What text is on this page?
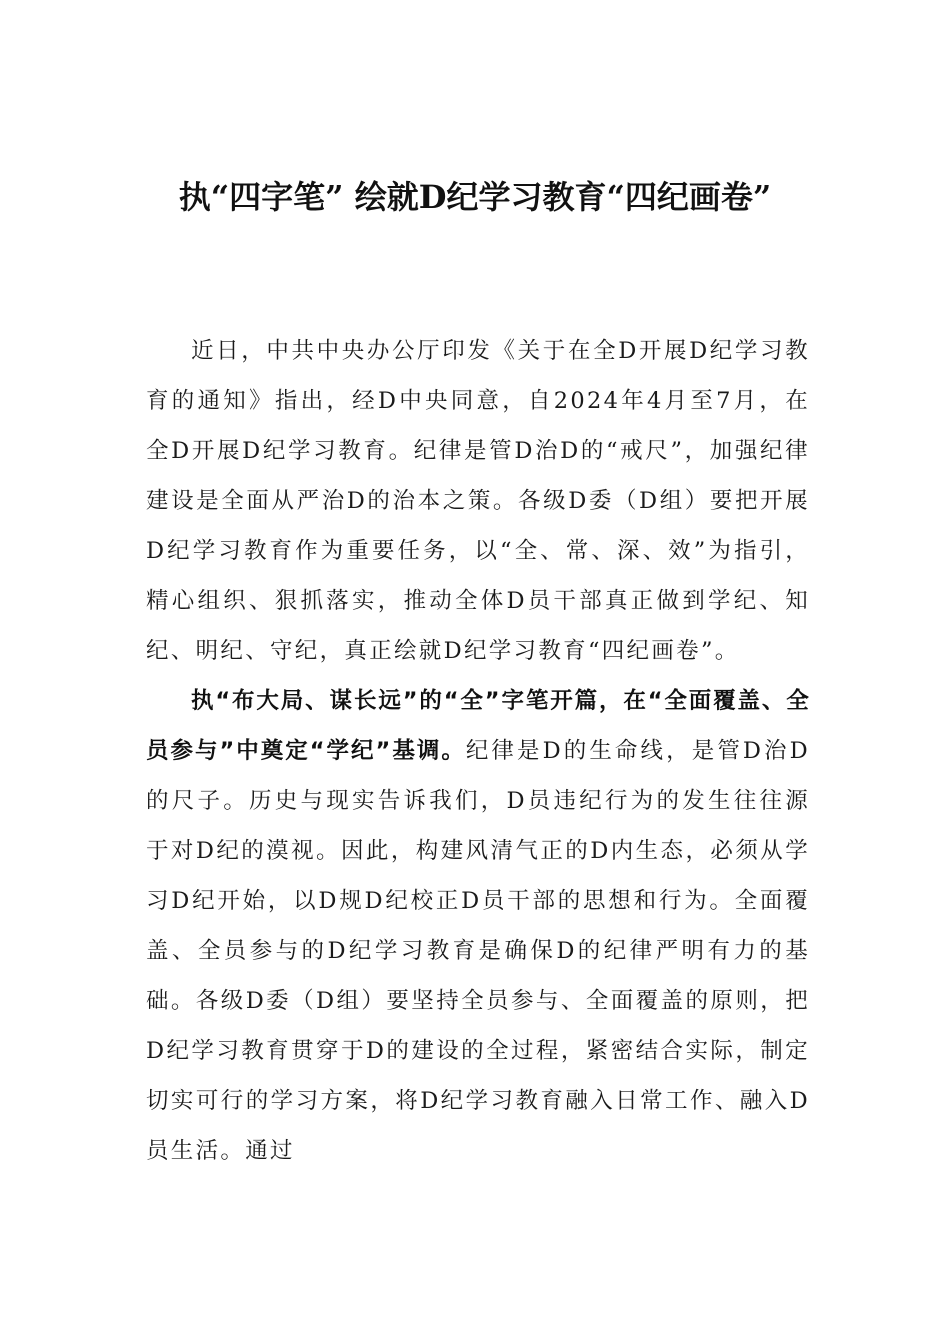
执“四字笔” 绘就D纪学习教育“四纪画卷”

近日，中共中央办公厅印发《关于在全D开展D纪学习教育的通知》指出，经D中央同意，自2024年4月至7月，在全D开展D纪学习教育。纪律是管D治D的“戒尺”，加强纪律建设是全面从严治D的治本之策。各级D委（D组）要把开展D纪学习教育作为重要任务，以“全、常、深、效”为指引，精心组织、狠抓落实，推动全体D员干部真正做到学纪、知纪、明纪、守纪，真正绘就D纪学习教育“四纪画卷”。

执“布大局、谋长远”的“全”字笔开篇，在“全面覆盖、全员参与”中奠定“学纪”基调。纪律是D的生命线，是管D治D的尺子。历史与现实告诉我们，D员违纪行为的发生往往源于对D纪的漠视。因此，构建风清气正的D内生态，必须从学习D纪开始，以D规D纪校正D员干部的思想和行为。全面覆盖、全员参与的D纪学习教育是确保D的纪律严明有力的基础。各级D委（D组）要坚持全员参与、全面覆盖的原则，把D纪学习教育贯穿于D的建设的全过程，紧密结合实际，制定切实可行的学习方案，将D纪学习教育融入日常工作、融入D员生活。通过
